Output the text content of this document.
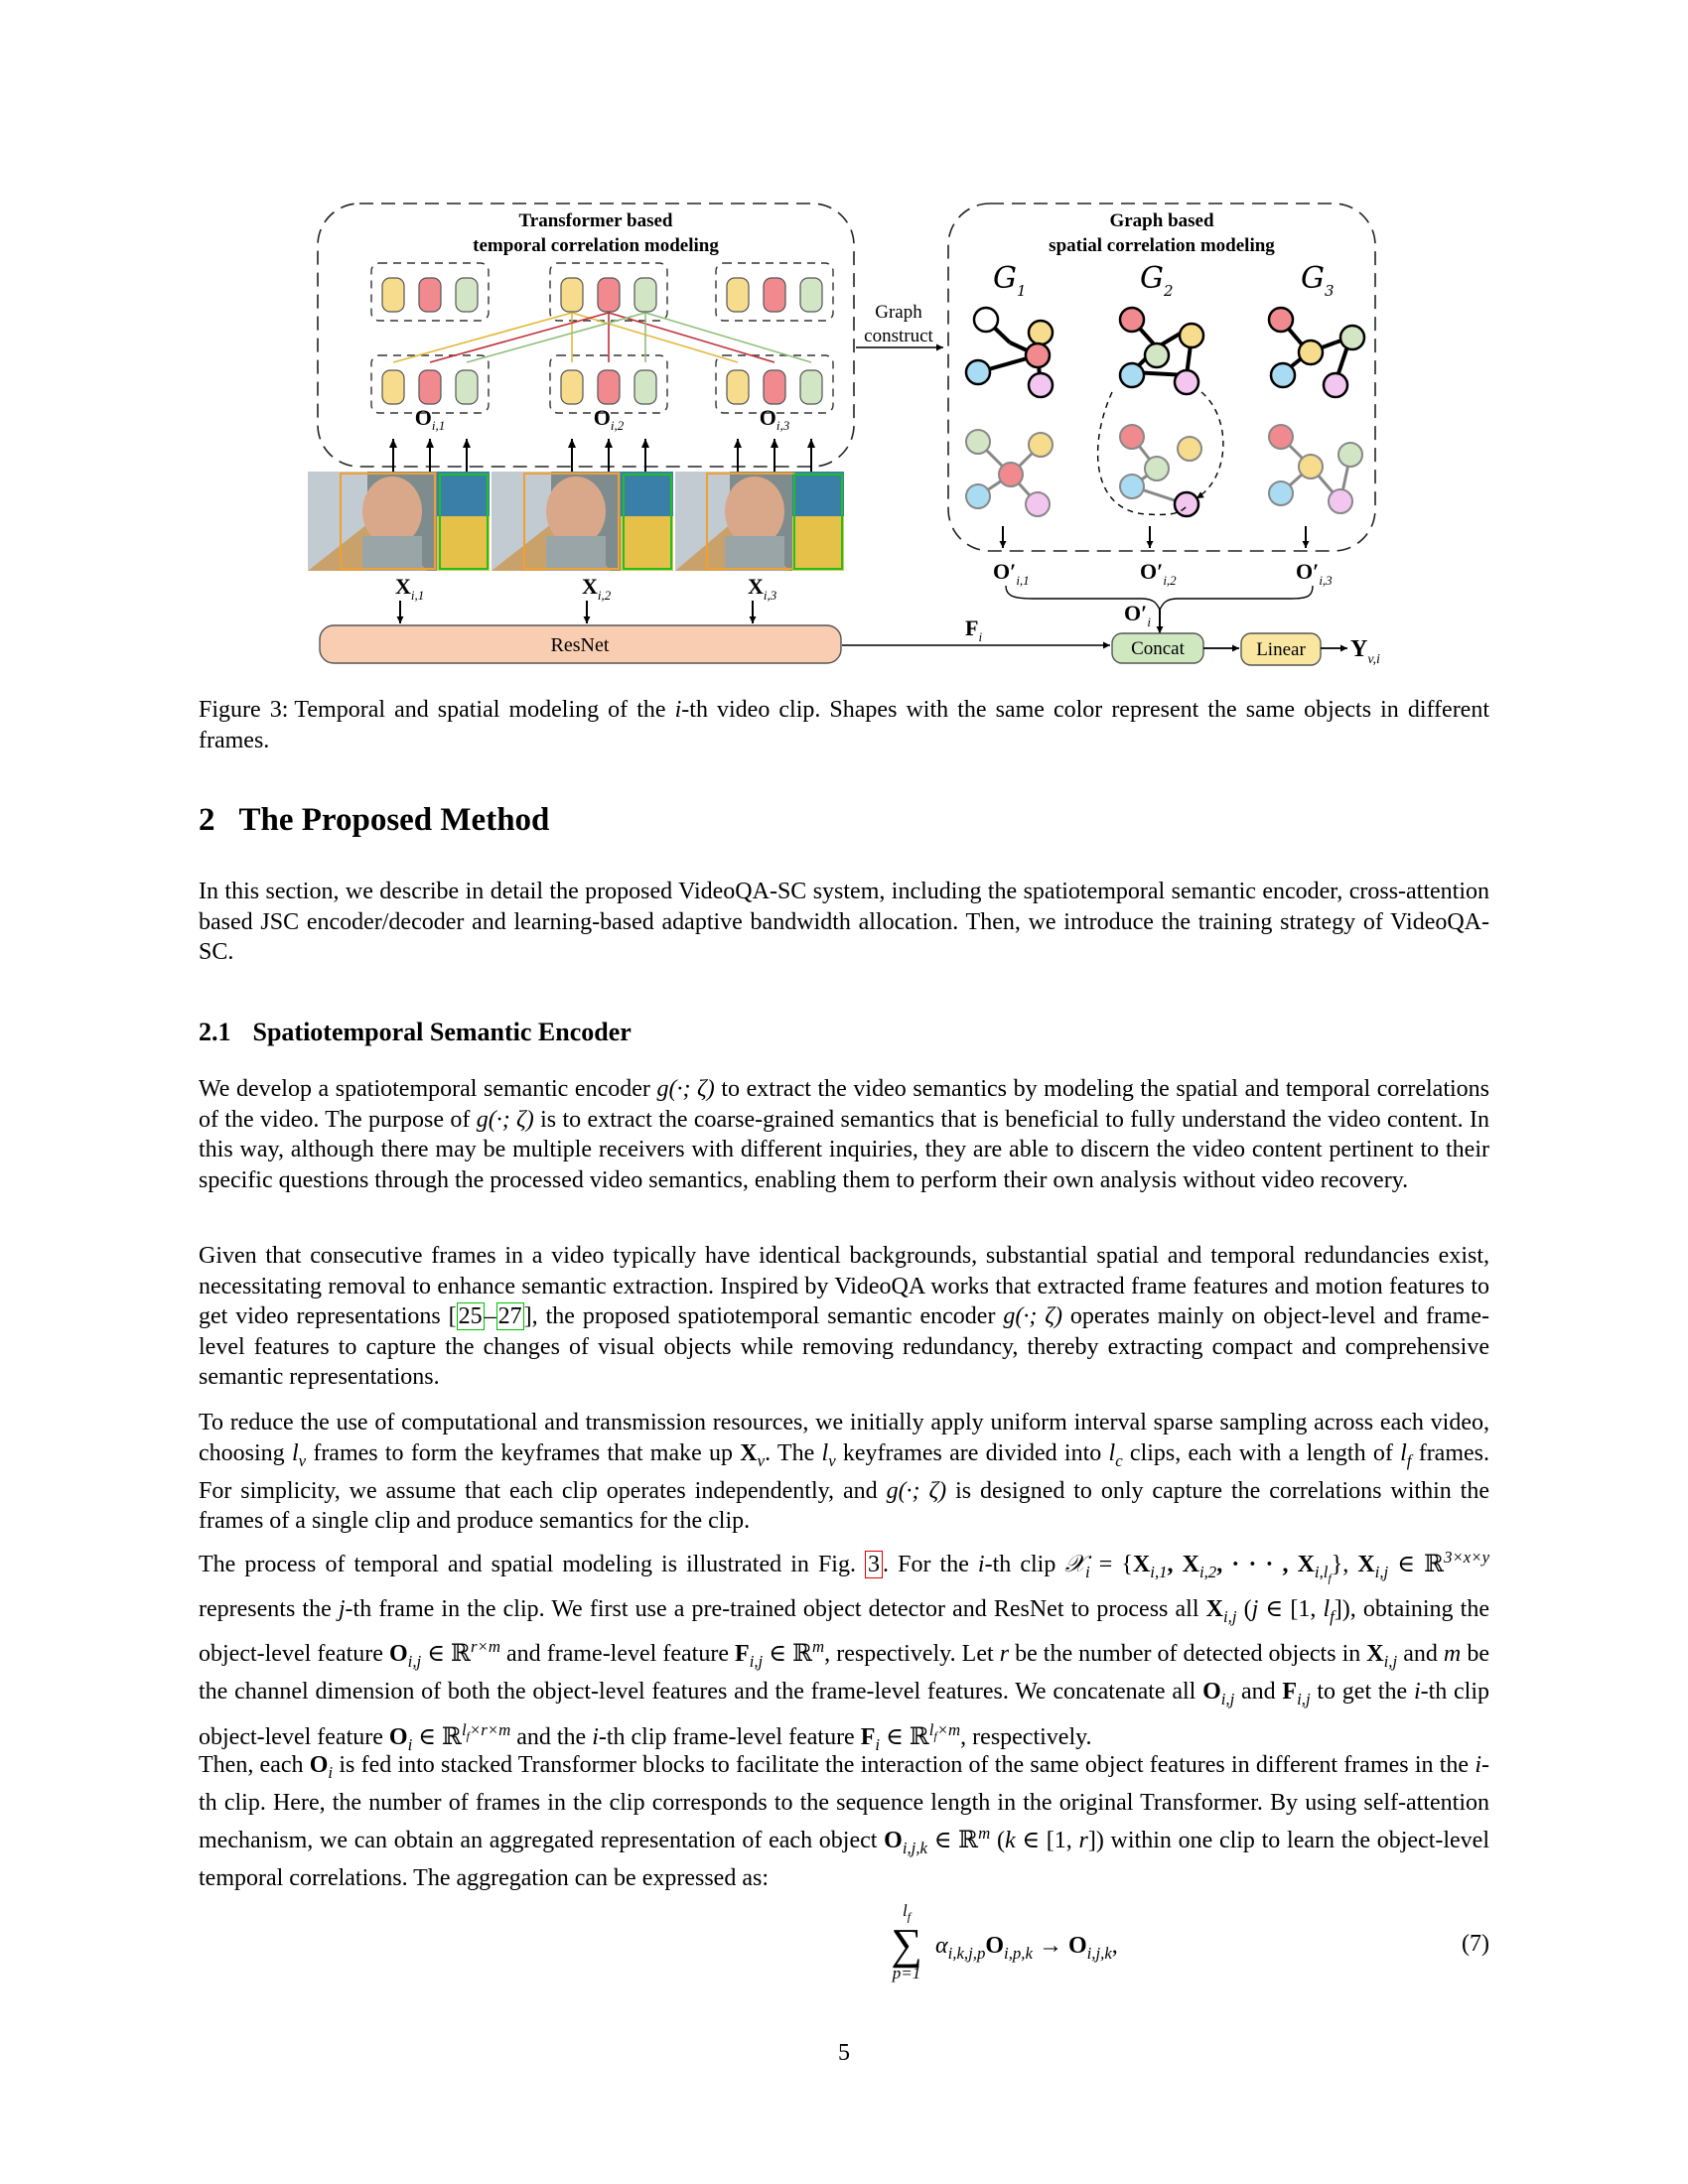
Transformer based
temporal correlation modeling
$O_{i,1}$	$O_{i,2}$	$O_{i,3}$
$X_{i,1}$	$X_{i,2}$	$X_{i,3}$
ResNet
Graph
construct
Graph based
spatial correlation modeling
$G_1$	$G_2$	$G_3$
$O'_{i,1}$	$O'_{i,2}$	$O'_{i,3}$
$O'_i$
$F_i$
Concat	Linear $Y_{v,i}$
Figure 3: Temporal and spatial modeling of the i-th video clip. Shapes with the same color represent the same objects in different frames.
2 The Proposed Method

In this section, we describe in detail the proposed VideoQA-SC system, including the spatiotemporal semantic encoder, cross-attention based JSC encoder/decoder and learning-based adaptive bandwidth allocation. Then, we introduce the training strategy of VideoQA-SC.

2.1 Spatiotemporal Semantic Encoder

We develop a spatiotemporal semantic encoder g(·; ζ) to extract the video semantics by modeling the spatial and temporal correlations of the video. The purpose of g(·; ζ) is to extract the coarse-grained semantics that is beneficial to fully understand the video content. In this way, although there may be multiple receivers with different inquiries, they are able to discern the video content pertinent to their specific questions through the processed video semantics, enabling them to perform their own analysis without video recovery.

Given that consecutive frames in a video typically have identical backgrounds, substantial spatial and temporal redundancies exist, necessitating removal to enhance semantic extraction. Inspired by VideoQA works that extracted frame features and motion features to get video representations [25–27], the proposed spatiotemporal semantic encoder g(·; ζ) operates mainly on object-level and frame-level features to capture the changes of visual objects while removing redundancy, thereby extracting compact and comprehensive semantic representations.

To reduce the use of computational and transmission resources, we initially apply uniform interval sparse sampling across each video, choosing $l_v$ frames to form the keyframes that make up $X_v$. The $l_v$ keyframes are divided into $l_c$ clips, each with a length of $l_f$ frames. For simplicity, we assume that each clip operates independently, and g(·; ζ) is designed to only capture the correlations within the frames of a single clip and produce semantics for the clip.

The process of temporal and spatial modeling is illustrated in Fig. 3 . For the i-th clip 𝒳$_i$ = {$X_{i,1}$, $X_{i,2}$, · · · , $X_{i,l_f}$}, $X_{i,j}$ ∈ ℝ$^{3\times x\times y}$ represents the j-th frame in the clip. We first use a pre-trained object detector and ResNet to process all $X_{i,j}$ (j ∈ [1, $l_f$]), obtaining the object-level feature $O_{i,j}$ ∈ ℝ$^{r\times m}$ and frame-level feature $F_{i,j}$ ∈ ℝ$^m$, respectively. Let r be the number of detected objects in $X_{i,j}$ and m be the channel dimension of both the object-level features and the frame-level features. We concatenate all $O_{i,j}$ and $F_{i,j}$ to get the i-th clip object-level feature $O_i$ ∈ ℝ$^{l_f\times r\times m}$ and the i-th clip frame-level feature $F_i$ ∈ ℝ$^{l_f\times m}$, respectively.

Then, each $O_i$ is fed into stacked Transformer blocks to facilitate the interaction of the same object features in different frames in the i-th clip. Here, the number of frames in the clip corresponds to the sequence length in the original Transformer. By using self-attention mechanism, we can obtain an aggregated representation of each object $O_{i,j,k}$ ∈ ℝ$^m$ (k ∈ [1, r]) within one clip to learn the object-level temporal correlations. The aggregation can be expressed as:

$l_f$
∑
p=1
$\alpha_{i,k,j,p}O_{i,p,k} \to O_{i,j,k}$,	(7)
5
